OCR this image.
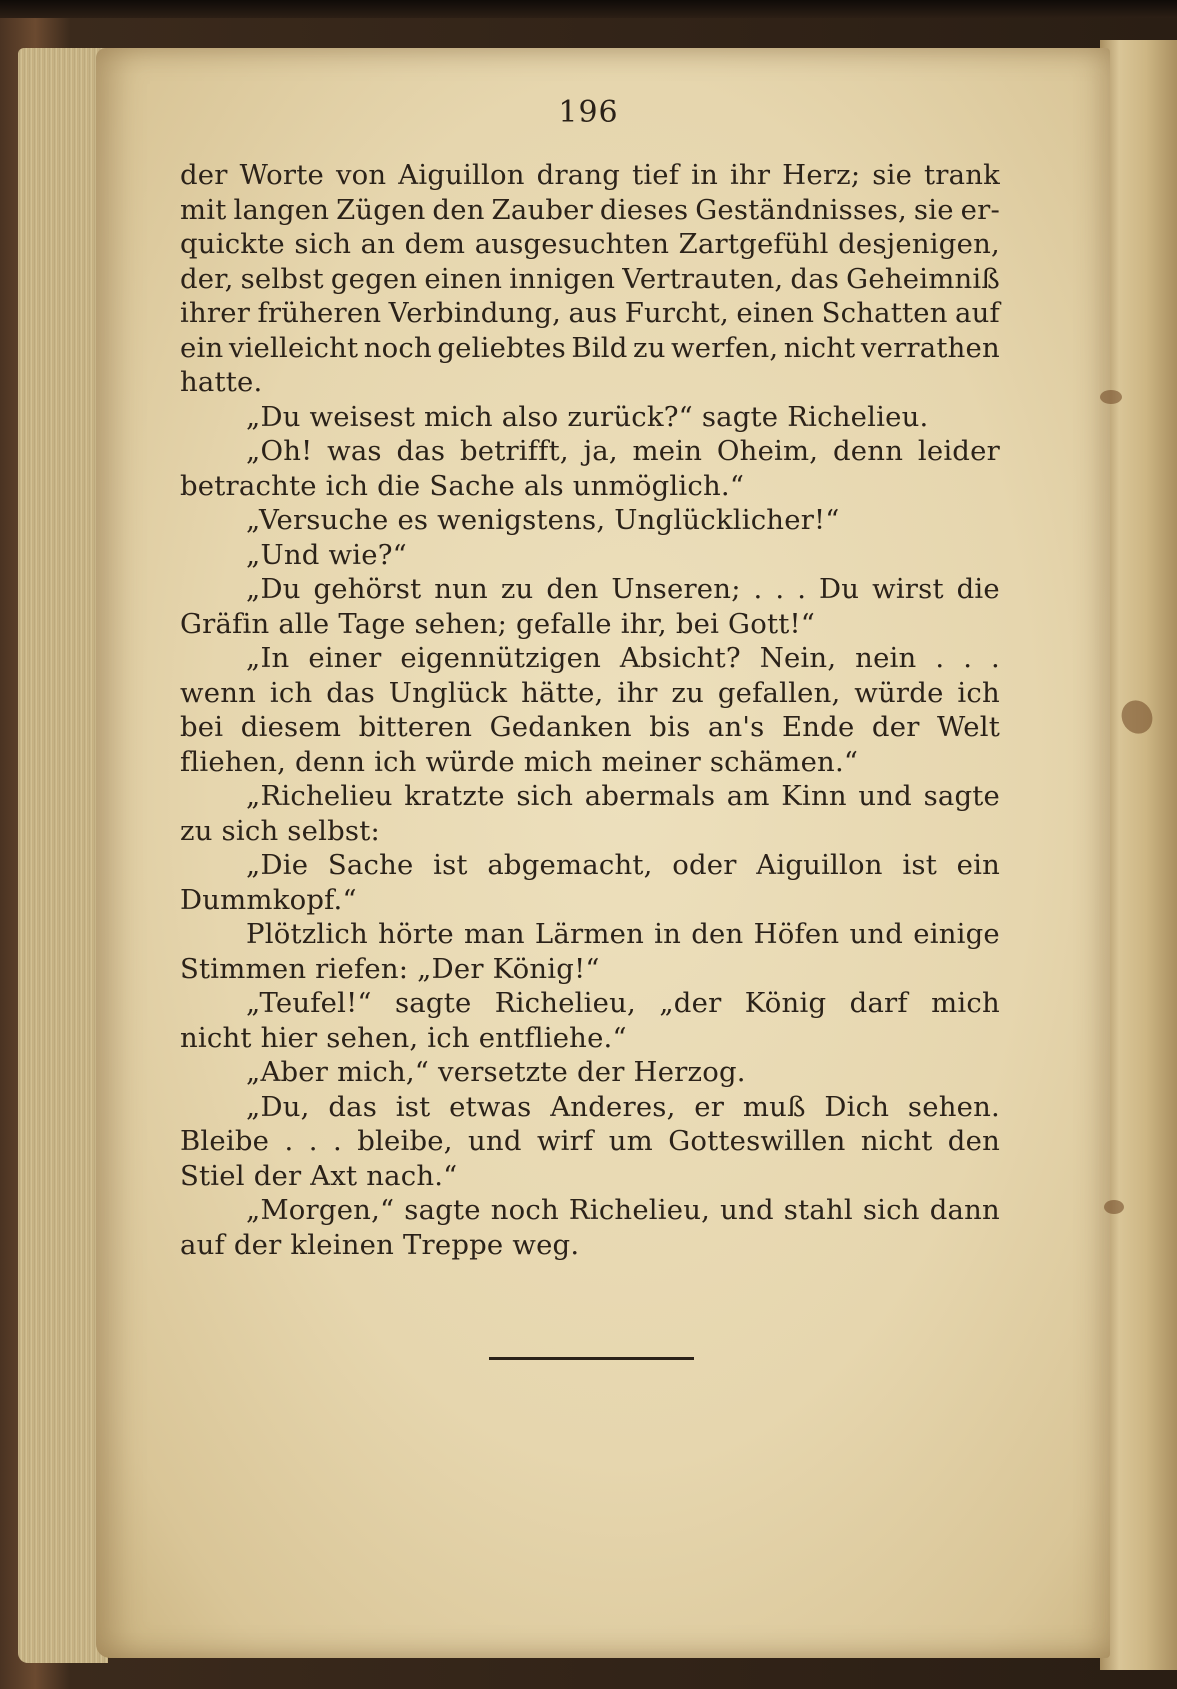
196
der Worte von Aiguillon drang tief in ihr Herz; sie trank
mit langen Zügen den Zauber dieses Geständnisses, sie er-
quickte sich an dem ausgesuchten Zartgefühl desjenigen,
der, selbst gegen einen innigen Vertrauten, das Geheimniß
ihrer früheren Verbindung, aus Furcht, einen Schatten auf
ein vielleicht noch geliebtes Bild zu werfen, nicht verrathen
hatte.
„Du weisest mich also zurück?“ sagte Richelieu.
„Oh! was das betrifft, ja, mein Oheim, denn leider
betrachte ich die Sache als unmöglich.“
„Versuche es wenigstens, Unglücklicher!“
„Und wie?“
„Du gehörst nun zu den Unseren; . . . Du wirst die
Gräfin alle Tage sehen; gefalle ihr, bei Gott!“
„In einer eigennützigen Absicht? Nein, nein . . .
wenn ich das Unglück hätte, ihr zu gefallen, würde ich
bei diesem bitteren Gedanken bis an's Ende der Welt
fliehen, denn ich würde mich meiner schämen.“
„Richelieu kratzte sich abermals am Kinn und sagte
zu sich selbst:
„Die Sache ist abgemacht, oder Aiguillon ist ein
Dummkopf.“
Plötzlich hörte man Lärmen in den Höfen und einige
Stimmen riefen: „Der König!“
„Teufel!“ sagte Richelieu, „der König darf mich
nicht hier sehen, ich entfliehe.“
„Aber mich,“ versetzte der Herzog.
„Du, das ist etwas Anderes, er muß Dich sehen.
Bleibe . . . bleibe, und wirf um Gotteswillen nicht den
Stiel der Axt nach.“
„Morgen,“ sagte noch Richelieu, und stahl sich dann
auf der kleinen Treppe weg.
